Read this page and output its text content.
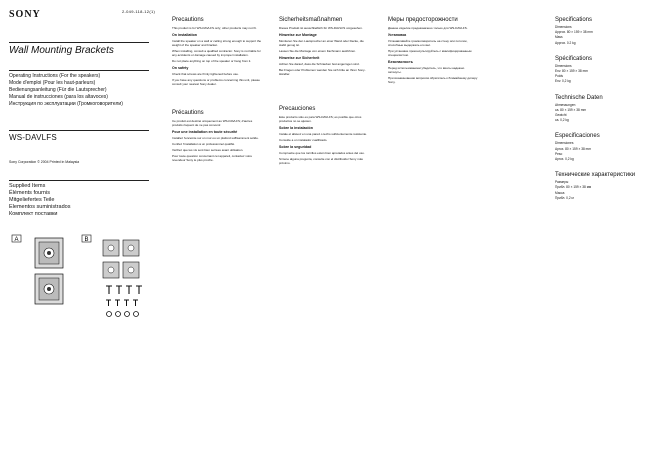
SONY	2-049-118-12(1)
Wall Mounting Brackets
Operating Instructions (For the speakers)
Mode d'emploi (Pour les haut-parleurs)
Bedienungsanleitung (Für die Lautsprecher)
Manual de instrucciones (para los altavoces)
Инструкция по эксплуатации (Громкоговорители)
WS-DAVLFS
Sony Corporation © 2004 Printed in Malaysia
Supplied Items
Éléments fournis
Mitgeliefertes Teile
Elementos suministrados
Комплект поставки
A	B
Precautions

This product is for WS-DAVLFS only; other products may not fit.

On installation

Install the speaker on a wall or ceiling strong enough to support the weight of the speaker and bracket.

When installing, consult a qualified contractor. Sony is not liable for any accidents or damage caused by improper installation.

Do not place anything on top of the speaker or hang from it.

On safety

Check that screws are firmly tightened before use.

If you have any questions or problems concerning this unit, please consult your nearest Sony dealer.

Précautions

Ce produit est destiné uniquement au WS-DAVLFS; d'autres produits risquent de ne pas convenir.

Pour une installation en toute sécurité

Installez l'enceinte sur un mur ou un plafond suffisamment solide.

Confiez l'installation à un professionnel qualifié.

Vérifiez que les vis sont bien serrées avant utilisation.

Pour toute question concernant cet appareil, contactez votre revendeur Sony le plus proche.

Sicherheitsmaßnahmen

Dieses Produkt ist ausschließlich für WS-DAVLFS vorgesehen.

Hinweise zur Montage

Montieren Sie den Lautsprecher an einer Wand oder Decke, die stabil genug ist.

Lassen Sie die Montage von einem Fachmann ausführen.

Hinweise zur Sicherheit

Achten Sie darauf, dass die Schrauben fest angezogen sind.

Bei Fragen oder Problemen wenden Sie sich bitte an Ihren Sony-Händler.

Precauciones

Este producto sólo es para WS-DAVLFS; es posible que otros productos no se ajusten.

Sobre la instalación

Instale el altavoz en una pared o techo suficientemente resistente.

Consulte a un instalador cualificado.

Sobre la seguridad

Compruebe que los tornillos estén bien apretados antes del uso.

Si tiene alguna pregunta, consulte con el distribuidor Sony más próximo.

Меры предосторожности

Данное изделие предназначено только для WS-DAVLFS.

Установка

Устанавливайте громкоговоритель на стену или потолок, способные выдержать его вес.

При установке проконсультируйтесь с квалифицированным специалистом.

Безопасность

Перед использованием убедитесь, что винты надежно затянуты.

При возникновении вопросов обратитесь к ближайшему дилеру Sony.

Specifications

Dimensions

Approx. 80 × 159 × 38 mm

Mass

Approx. 0.2 kg

Spécifications

Dimensions

Env. 80 × 159 × 38 mm

Poids

Env. 0,2 kg

Technische Daten

Abmessungen

ca. 80 × 159 × 38 mm

Gewicht

ca. 0,2 kg

Especificaciones

Dimensiones

Aprox. 80 × 159 × 38 mm

Peso

Aprox. 0,2 kg

Технические характеристики

Размеры

Прибл. 80 × 159 × 38 мм

Масса

Прибл. 0,2 кг
